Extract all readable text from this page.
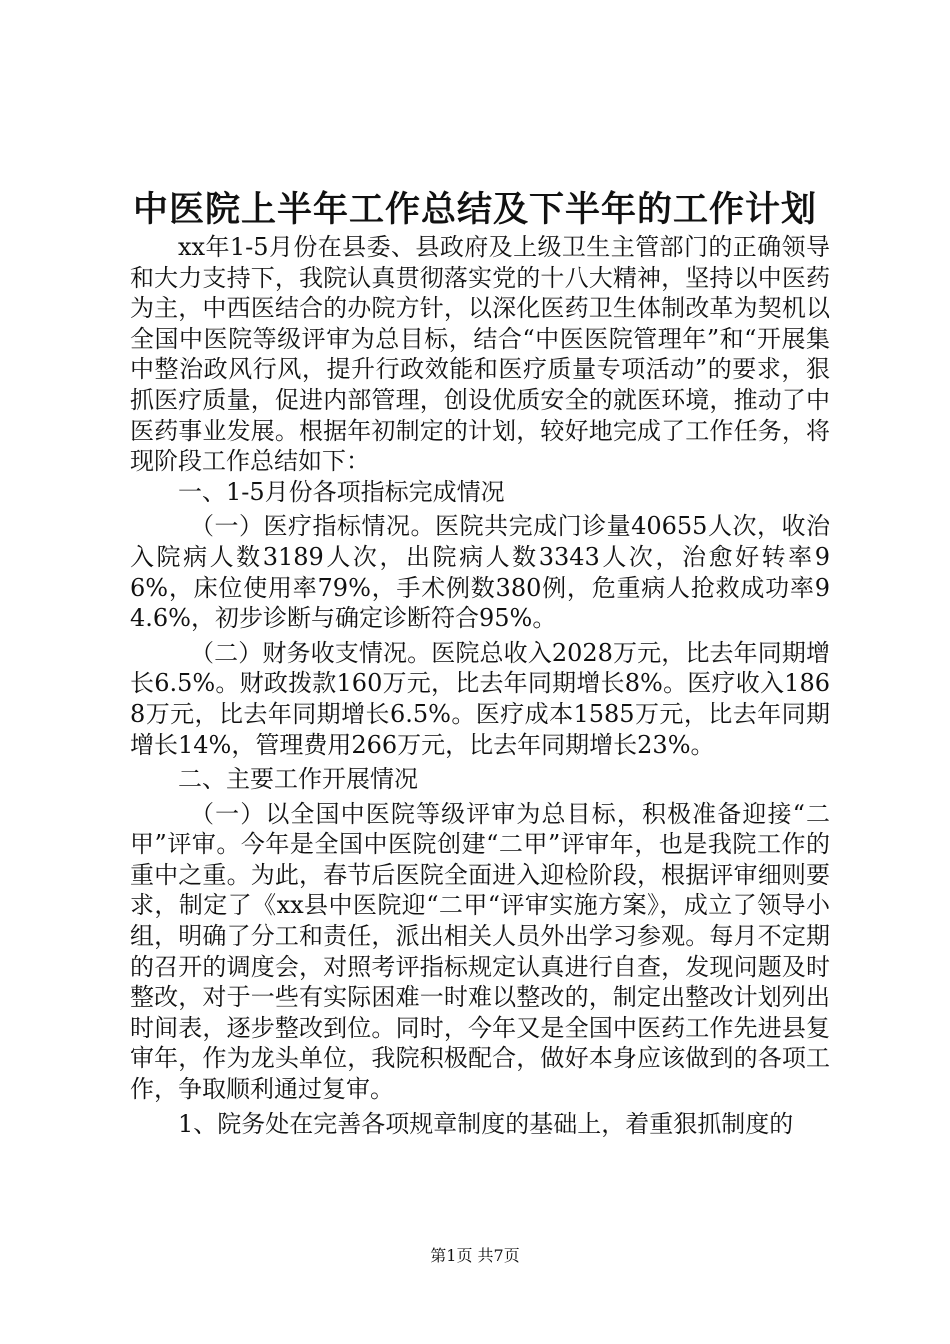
中医院上半年工作总结及下半年的工作计划

xx年1-5月份在县委、县政府及上级卫生主管部门的正确领导和大力支持下，我院认真贯彻落实党的十八大精神，坚持以中医药为主，中西医结合的办院方针，以深化医药卫生体制改革为契机以全国中医院等级评审为总目标，结合“中医医院管理年”和“开展集中整治政风行风，提升行政效能和医疗质量专项活动”的要求，狠抓医疗质量，促进内部管理，创设优质安全的就医环境，推动了中医药事业发展。根据年初制定的计划，较好地完成了工作任务，将现阶段工作总结如下：

一、1-5月份各项指标完成情况

（一）医疗指标情况。医院共完成门诊量40655人次，收治入院病人数3189人次，出院病人数3343人次，治愈好转率96%，床位使用率79%，手术例数380例，危重病人抢救成功率94.6%，初步诊断与确定诊断符合95%。

（二）财务收支情况。医院总收入2028万元，比去年同期增长6.5%。财政拨款160万元，比去年同期增长8%。医疗收入1868万元，比去年同期增长6.5%。医疗成本1585万元，比去年同期增长14%，管理费用266万元，比去年同期增长23%。

二、主要工作开展情况

（一）以全国中医院等级评审为总目标，积极准备迎接“二甲”评审。今年是全国中医院创建“二甲”评审年，也是我院工作的重中之重。为此，春节后医院全面进入迎检阶段，根据评审细则要求，制定了《xx县中医院迎“二甲“评审实施方案》，成立了领导小组，明确了分工和责任，派出相关人员外出学习参观。每月不定期的召开的调度会，对照考评指标规定认真进行自查，发现问题及时整改，对于一些有实际困难一时难以整改的，制定出整改计划列出时间表，逐步整改到位。同时，今年又是全国中医药工作先进县复审年，作为龙头单位，我院积极配合，做好本身应该做到的各项工作，争取顺利通过复审。

1、院务处在完善各项规章制度的基础上，着重狠抓制度的

第1页 共7页
